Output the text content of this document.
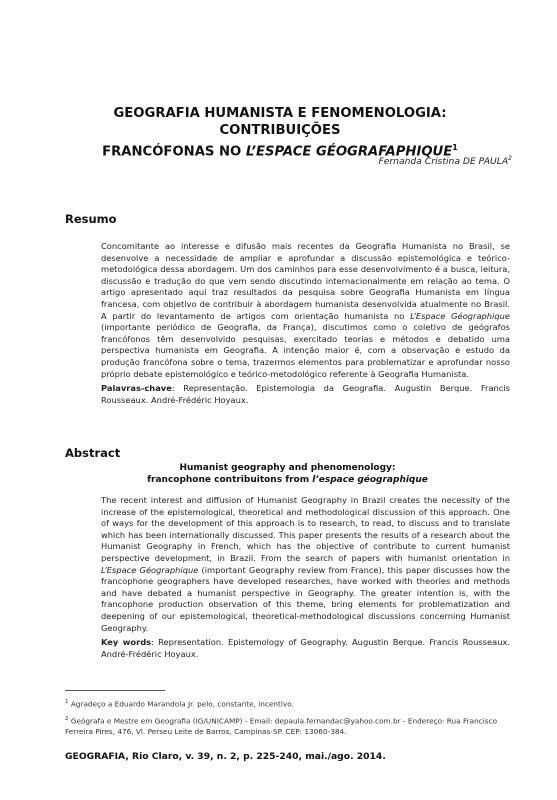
GEOGRAFIA HUMANISTA E FENOMENOLOGIA: CONTRIBUIÇÕES
FRANCÓFONAS NO L’ESPACE GÉOGRAFAPHIQUE$^1$
Fernanda Cristina DE PAULA$^2$
Resumo
Concomitante ao interesse e difusão mais recentes da Geografia Humanista no Brasil, se desenvolve a necessidade de ampliar e aprofundar a discussão epistemológica e teórico-metodológica dessa abordagem. Um dos caminhos para esse desenvolvimento é a busca, leitura, discussão e tradução do que vem sendo discutindo internacionalmente em relação ao tema. O artigo apresentado aqui traz resultados da pesquisa sobre Geografia Humanista em língua francesa, com objetivo de contribuir à abordagem humanista desenvolvida atualmente no Brasil. A partir do levantamento de artigos com orientação humanista no L’Espace Géographique (importante periódico de Geografia, da França), discutimos como o coletivo de geógrafos francófonos têm desenvolvido pesquisas, exercitado teorias e métodos e debatido uma perspectiva humanista em Geografia. A intenção maior é, com a observação e estudo da produção francófona sobre o tema, trazermos elementos para problematizar e aprofundar nosso próprio debate epistemológico e teórico-metodológico referente à Geografia Humanista.
Palavras-chave: Representação. Epistemologia da Geografia. Augustin Berque. Francis Rousseaux. André-Frédéric Hoyaux.
Abstract
Humanist geography and phenomenology:
francophone contribuitons from l’espace géographique
The recent interest and diffusion of Humanist Geography in Brazil creates the necessity of the increase of the epistemological, theoretical and methodological discussion of this approach. One of ways for the development of this approach is to research, to read, to discuss and to translate which has been internationally discussed. This paper presents the results of a research about the Humanist Geography in French, which has the objective of contribute to current humanist perspective development, in Brazil. From the search of papers with humanist orientation in L’Espace Géographique (important Geography review from France), this paper discusses how the francophone geographers have developed researches, have worked with theories and methods and have debated a humanist perspective in Geography. The greater intention is, with the francophone production observation of this theme, bring elements for problematization and deepening of our epistemological, theoretical-methodological discussions concerning Humanist Geography.
Key words: Representation. Epistemology of Geography. Augustin Berque. Francis Rousseaux. André-Frédéric Hoyaux.

$^1$ Agradeço a Eduardo Marandola Jr. pelo, constante, incentivo.

$^2$ Geógrafa e Mestre em Geografia (IG/UNICAMP) - Email: depaula.fernandac@yahoo.com.br - Endereço: Rua Francisco Ferreira Pires, 476, Vl. Perseu Leite de Barros, Campinas-SP. CEP: 13060-384.

GEOGRAFIA, Rio Claro, v. 39, n. 2, p. 225-240, mai./ago. 2014.
